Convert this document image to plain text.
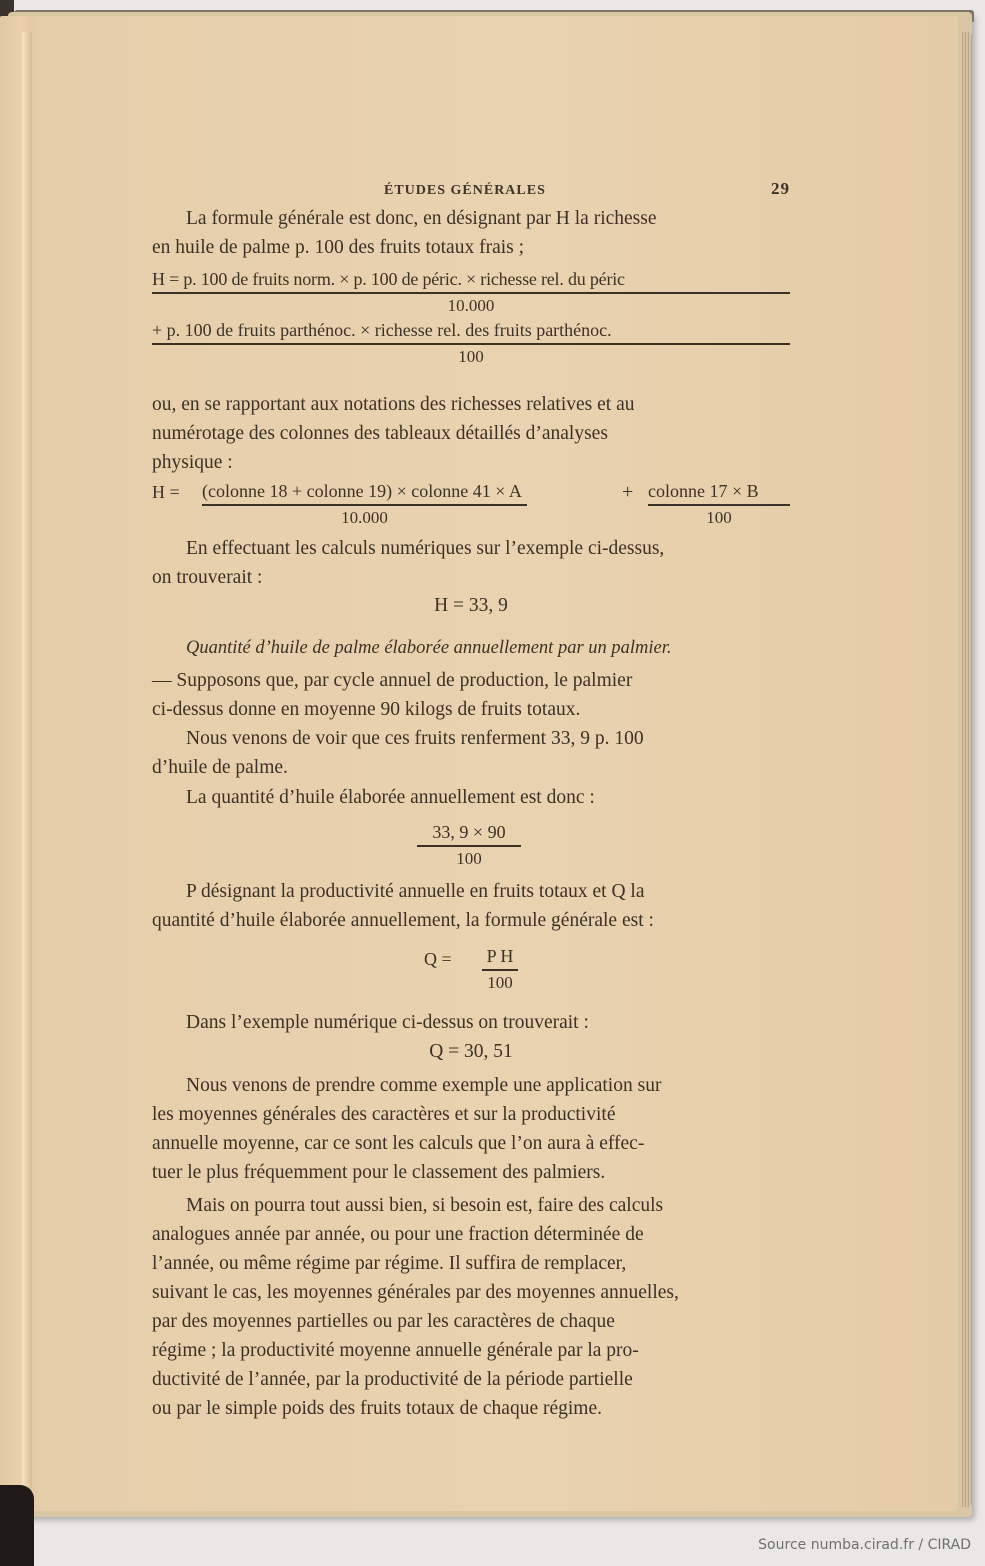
ÉTUDES GÉNÉRALES	29

La formule générale est donc, en désignant par H la richesse

en huile de palme p. 100 des fruits totaux frais ;

H = p. 100 de fruits norm. × p. 100 de péric. × richesse rel. du péric
10.000
+ p. 100 de fruits parthénoc. × richesse rel. des fruits parthénoc.
100

ou, en se rapportant aux notations des richesses relatives et au

numérotage des colonnes des tableaux détaillés d’analyses

physique :

H = (colonne 18 + colonne 19) × colonne 41 × A
10.000
+ colonne 17 × B
100

En effectuant les calculs numériques sur l’exemple ci-dessus,

on trouverait :

H = 33, 9

Quantité d’huile de palme élaborée annuellement par un palmier.

— Supposons que, par cycle annuel de production, le palmier

ci-dessus donne en moyenne 90 kilogs de fruits totaux.

Nous venons de voir que ces fruits renferment 33, 9 p. 100

d’huile de palme.

La quantité d’huile élaborée annuellement est donc :

$\frac{33, 9 \times 90}{100}$

P désignant la productivité annuelle en fruits totaux et Q la

quantité d’huile élaborée annuellement, la formule générale est :

$Q = \frac{\text{P H}}{100}$

Dans l’exemple numérique ci-dessus on trouverait :

Q = 30, 51

Nous venons de prendre comme exemple une application sur

les moyennes générales des caractères et sur la productivité

annuelle moyenne, car ce sont les calculs que l’on aura à effec-

tuer le plus fréquemment pour le classement des palmiers.

Mais on pourra tout aussi bien, si besoin est, faire des calculs

analogues année par année, ou pour une fraction déterminée de

l’année, ou même régime par régime. Il suffira de remplacer,

suivant le cas, les moyennes générales par des moyennes annuelles,

par des moyennes partielles ou par les caractères de chaque

régime ; la productivité moyenne annuelle générale par la pro-

ductivité de l’année, par la productivité de la période partielle

ou par le simple poids des fruits totaux de chaque régime.

Source numba.cirad.fr / CIRAD
